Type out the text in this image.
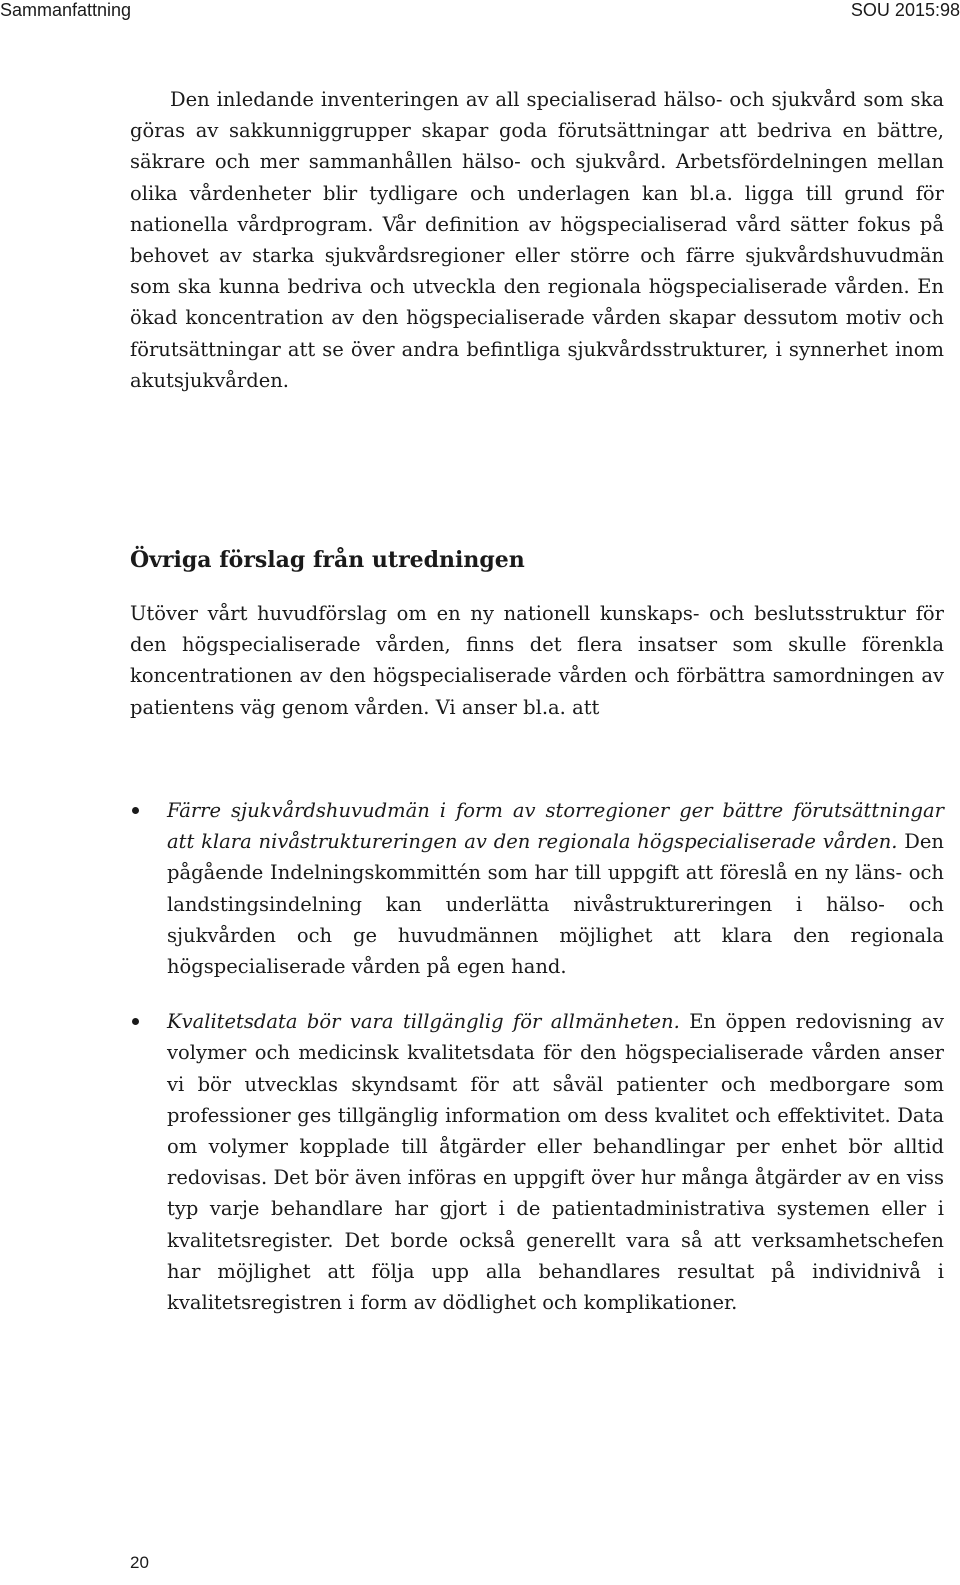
Sammanfattning	SOU 2015:98

Den inledande inventeringen av all specialiserad hälso- och sjukvård som ska göras av sakkunniggrupper skapar goda förutsättningar att bedriva en bättre, säkrare och mer sammanhållen hälso- och sjukvård. Arbetsfördelningen mellan olika vårdenheter blir tydligare och underlagen kan bl.a. ligga till grund för nationella vårdprogram. Vår definition av högspecialiserad vård sätter fokus på behovet av starka sjukvårdsregioner eller större och färre sjukvårdshuvudmän som ska kunna bedriva och utveckla den regionala högspecialiserade vården. En ökad koncentration av den högspecialiserade vården skapar dessutom motiv och förutsättningar att se över andra befintliga sjukvårdsstrukturer, i synnerhet inom akutsjukvården.

Övriga förslag från utredningen

Utöver vårt huvudförslag om en ny nationell kunskaps- och beslutsstruktur för den högspecialiserade vården, finns det flera insatser som skulle förenkla koncentrationen av den högspecialiserade vården och förbättra samordningen av patientens väg genom vården. Vi anser bl.a. att

Färre sjukvårdshuvudmän i form av storregioner ger bättre förutsättningar att klara nivåstruktureringen av den regionala högspecialiserade vården. Den pågående Indelningskommittén som har till uppgift att föreslå en ny läns- och landstingsindelning kan underlätta nivåstruktureringen i hälso- och sjukvården och ge huvudmännen möjlighet att klara den regionala högspecialiserade vården på egen hand.
Kvalitetsdata bör vara tillgänglig för allmänheten. En öppen redovisning av volymer och medicinsk kvalitetsdata för den högspecialiserade vården anser vi bör utvecklas skyndsamt för att såväl patienter och medborgare som professioner ges tillgänglig information om dess kvalitet och effektivitet. Data om volymer kopplade till åtgärder eller behandlingar per enhet bör alltid redovisas. Det bör även införas en uppgift över hur många åtgärder av en viss typ varje behandlare har gjort i de patientadministrativa systemen eller i kvalitetsregister. Det borde också generellt vara så att verksamhetschefen har möjlighet att följa upp alla behandlares resultat på individnivå i kvalitetsregistren i form av dödlighet och komplikationer.
20
